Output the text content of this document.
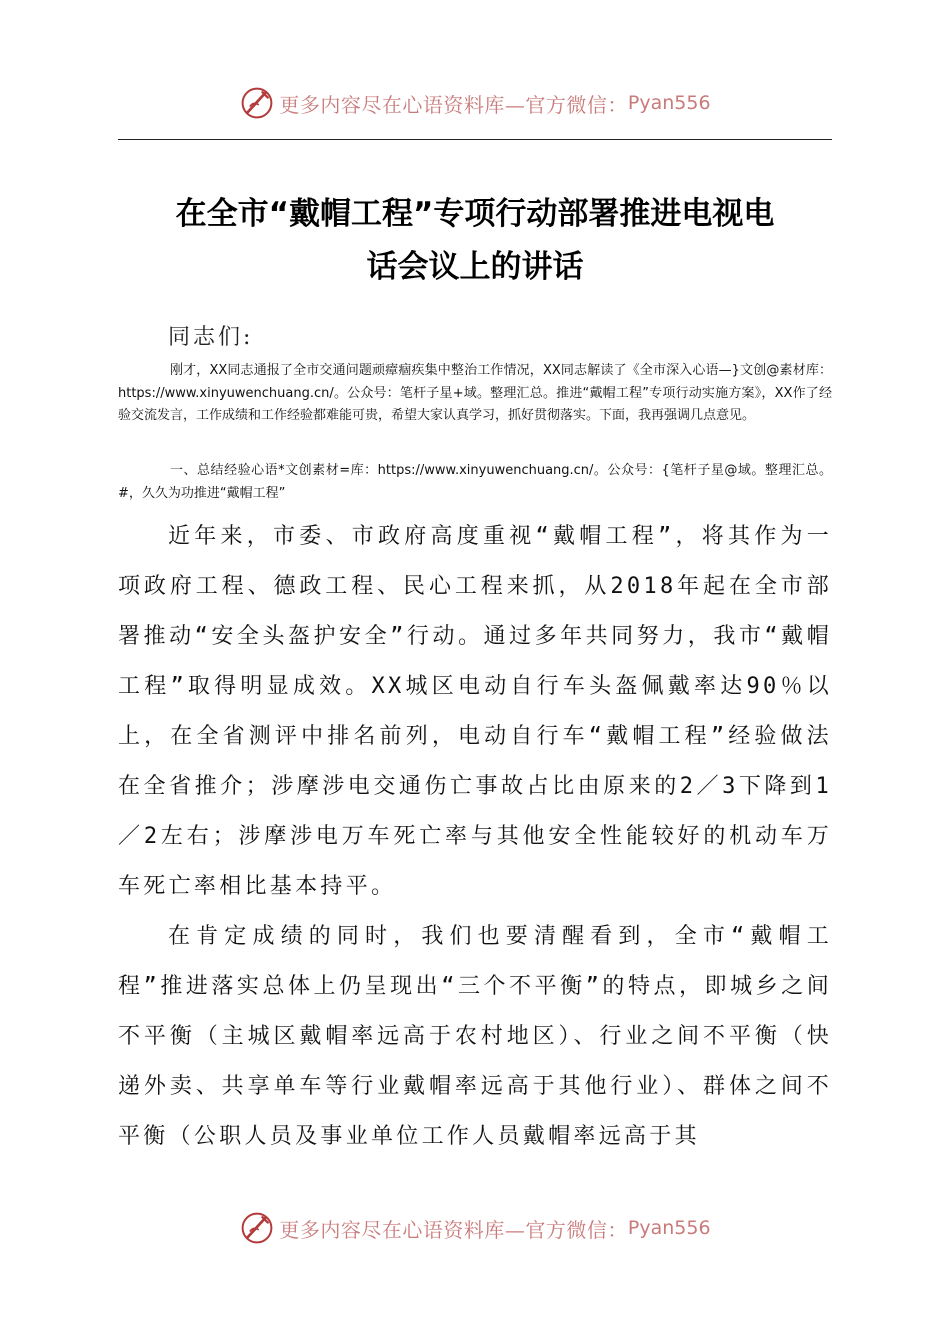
更多内容尽在心语资料库—官方微信： Pyan556
在全市“戴帽工程”专项行动部署推进电视电
话会议上的讲话
同志们:

刚才，XX同志通报了全市交通问题顽瘴痼疾集中整治工作情况，XX同志解读了《全市深入心语—}文创@素材库：https://www.xinyuwenchuang.cn/。公众号：笔杆子星+域。整理汇总。推进“戴帽工程”专项行动实施方案》，XX作了经验交流发言，工作成绩和工作经验都难能可贵，希望大家认真学习，抓好贯彻落实。下面，我再强调几点意见。

一、总结经验心语*文创素材=库：https://www.xinyuwenchuang.cn/。公众号：{笔杆子星@域。整理汇总。#，久久为功推进“戴帽工程”

近年来，市委、市政府高度重视“戴帽工程”，将其作为一项政府工程、德政工程、民心工程来抓，从2018年起在全市部署推动“安全头盔护安全”行动。通过多年共同努力，我市“戴帽工程”取得明显成效。XX城区电动自行车头盔佩戴率达90％以上，在全省测评中排名前列，电动自行车“戴帽工程”经验做法在全省推介；涉摩涉电交通伤亡事故占比由原来的2／3下降到1／2左右；涉摩涉电万车死亡率与其他安全性能较好的机动车万车死亡率相比基本持平。

在肯定成绩的同时，我们也要清醒看到，全市“戴帽工程”推进落实总体上仍呈现出“三个不平衡”的特点，即城乡之间不平衡（主城区戴帽率远高于农村地区）、行业之间不平衡（快递外卖、共享单车等行业戴帽率远高于其他行业）、群体之间不平衡（公职人员及事业单位工作人员戴帽率远高于其

更多内容尽在心语资料库—官方微信： Pyan556
